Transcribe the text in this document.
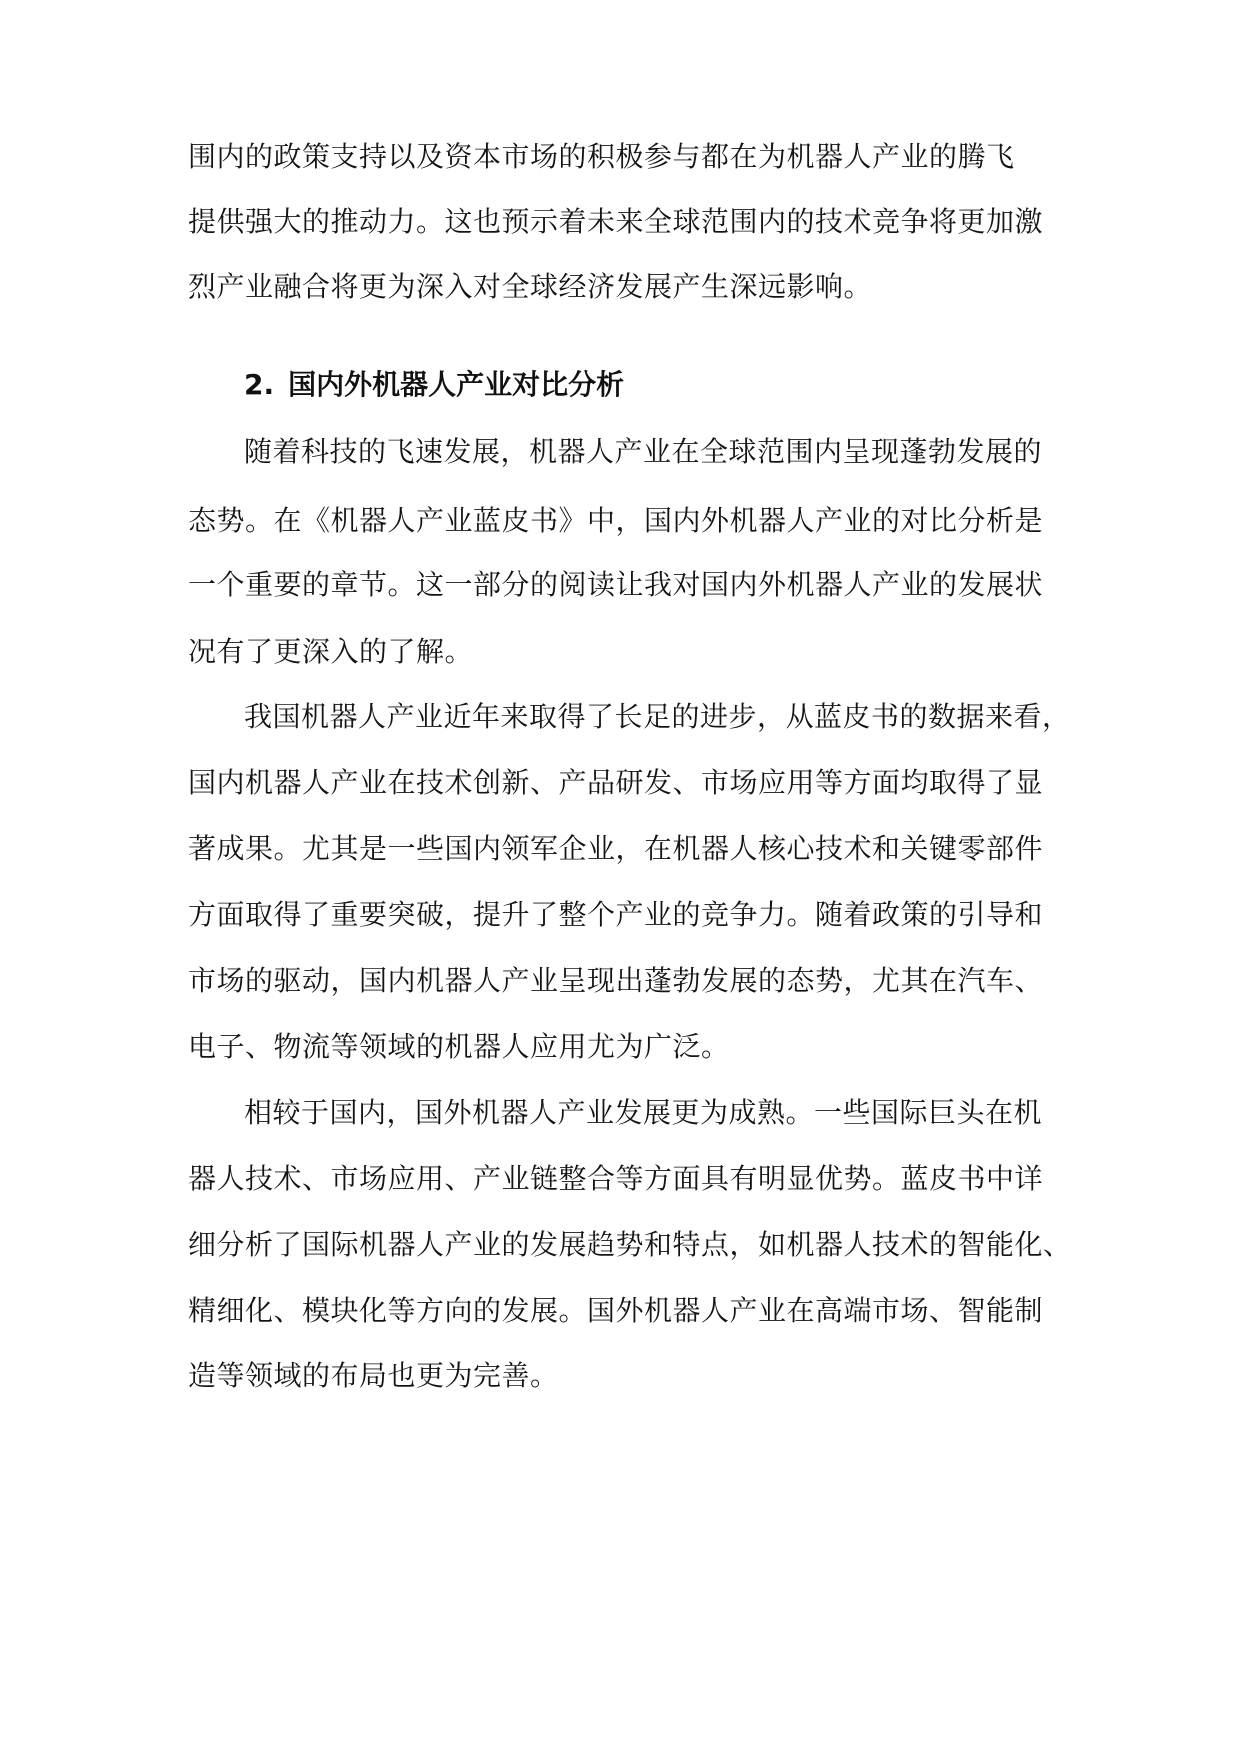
围内的政策支持以及资本市场的积极参与都在为机器人产业的腾飞
提供强大的推动力。这也预示着未来全球范围内的技术竞争将更加激
烈产业融合将更为深入对全球经济发展产生深远影响。
2. 国内外机器人产业对比分析
随着科技的飞速发展，机器人产业在全球范围内呈现蓬勃发展的
态势。在《机器人产业蓝皮书》中，国内外机器人产业的对比分析是
一个重要的章节。这一部分的阅读让我对国内外机器人产业的发展状
况有了更深入的了解。
我国机器人产业近年来取得了长足的进步，从蓝皮书的数据来看，
国内机器人产业在技术创新、产品研发、市场应用等方面均取得了显
著成果。尤其是一些国内领军企业，在机器人核心技术和关键零部件
方面取得了重要突破，提升了整个产业的竞争力。随着政策的引导和
市场的驱动，国内机器人产业呈现出蓬勃发展的态势，尤其在汽车、
电子、物流等领域的机器人应用尤为广泛。
相较于国内，国外机器人产业发展更为成熟。一些国际巨头在机
器人技术、市场应用、产业链整合等方面具有明显优势。蓝皮书中详
细分析了国际机器人产业的发展趋势和特点，如机器人技术的智能化、
精细化、模块化等方向的发展。国外机器人产业在高端市场、智能制
造等领域的布局也更为完善。
